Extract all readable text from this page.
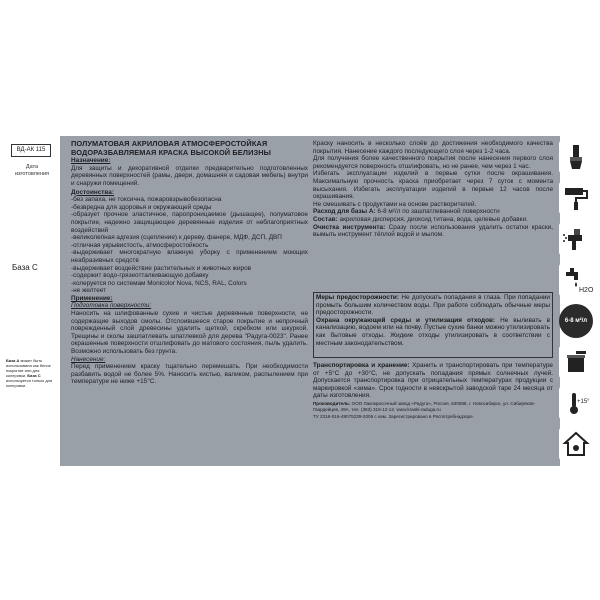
ВД-АК 115
Дата изготовления
База С
База А может быть использована как белое покрытие или для колеровки. База С используется только для колеровки.
ПОЛУМАТОВАЯ АКРИЛОВАЯ АТМОСФЕРОСТОЙКАЯ
ВОДОРАЗБАВЛЯЕМАЯ КРАСКА ВЫСОКОЙ БЕЛИЗНЫ
Назначение:
Для защиты и декоративной отделки предварительно подготовленных деревянных поверхностей (рамы, двери, домашняя и садовая мебель) внутри и снаружи помещений.
Достоинства:
-без запаха, не токсична, пожаровзрывобезопасна
-безвредна для здоровья и окружающей среды
-образует прочное эластичное, паропроницаемое (дышащее), полуматовое покрытие, надежно защищающее деревянные изделия от неблагоприятных воздействий
-великолепная адгезия (сцепление) к дереву, фанере, МДФ, ДСП, ДВП
-отличная укрывистость, атмосферостойкость
-выдерживает многократную влажную уборку с применением моющих неабразивных средств
-выдерживает воздействие растительных и животных жиров
-содержит водо-грязеотталкивающую добавку
-колеруется по системам Monicolor Nova, NCS, RAL, Colors
-не желтеет
Применение:
Подготовка поверхности:
Наносить на шлифованные сухие и чистые деревянные поверхности, не содержащие выходов смолы. Отслоившееся старое покрытие и непрочный поврежденный слой древесины удалить щеткой, скребком или шкуркой. Трещины и сколы зашпатлевать шпатлевкой для дерева "Радуга-0023". Ранее окрашенные поверхности отшлифовать до матового состояния, пыль удалить. Возможно использовать без грунта.
Нанесение:
Перед применением краску тщательно перемешать. При необходимости разбавить водой не более 5%. Наносить кистью, валиком, распылением при температуре не ниже +15°C.
Краску наносить в несколько слоёв до достижения необходимого качества покрытия. Нанесение каждого последующего слоя через 1-2 часа.
Для получения более качественного покрытия после нанесения первого слоя рекомендуется поверхность отшлифовать, но не ранее, чем через 1 час.
Избегать эксплуатации изделий в первые сутки после окрашивания. Максимальную прочность краска приобретает через 7 суток с момента высыхания. Избегать эксплуатации изделий в первые 12 часов после окрашивания.
Не смешивать с продуктами на основе растворителей.
Расход для базы А: 6-8 м²/л по зашпатлеванной поверхности
Состав: акриловая дисперсия, диоксид титана, вода, целевые добавки.
Очистка инструмента: Сразу после использования удалить остатки краски, вымыть инструмент тёплой водой и мылом.
Меры предосторожности: Не допускать попадания в глаза. При попадании промыть большим количеством воды. При работе соблюдать обычные меры предосторожности.
Охрана окружающей среды и утилизация отходов: Не выливать в канализацию, водоем или на почву. Пустые сухие банки можно утилизировать как бытовые отходы. Жидкие отходы утилизировать в соответствии с местным законодательством.
Транспортировка и хранение: Хранить и транспортировать при температуре от +5°C до +30°C, не допускать попадания прямых солнечных лучей. Допускается транспортировка при отрицательных температурах продукции с маркировкой «зима». Срок годности в невскрытой заводской таре 24 месяца от даты изготовления.
Производитель: ООО Лакокрасочный завод «Радуга», Россия, 630088, г. Новосибирск, ул. Сибиряков-Гвардейцев, 49А, тел. (383) 315-12-12, www.kraski-raduga.ru
ТУ 2316-016-49075239-2006 с изм. Зарегистрировано в Роспотребнадзоре.
H2O
6-8 м²/л
+15°
